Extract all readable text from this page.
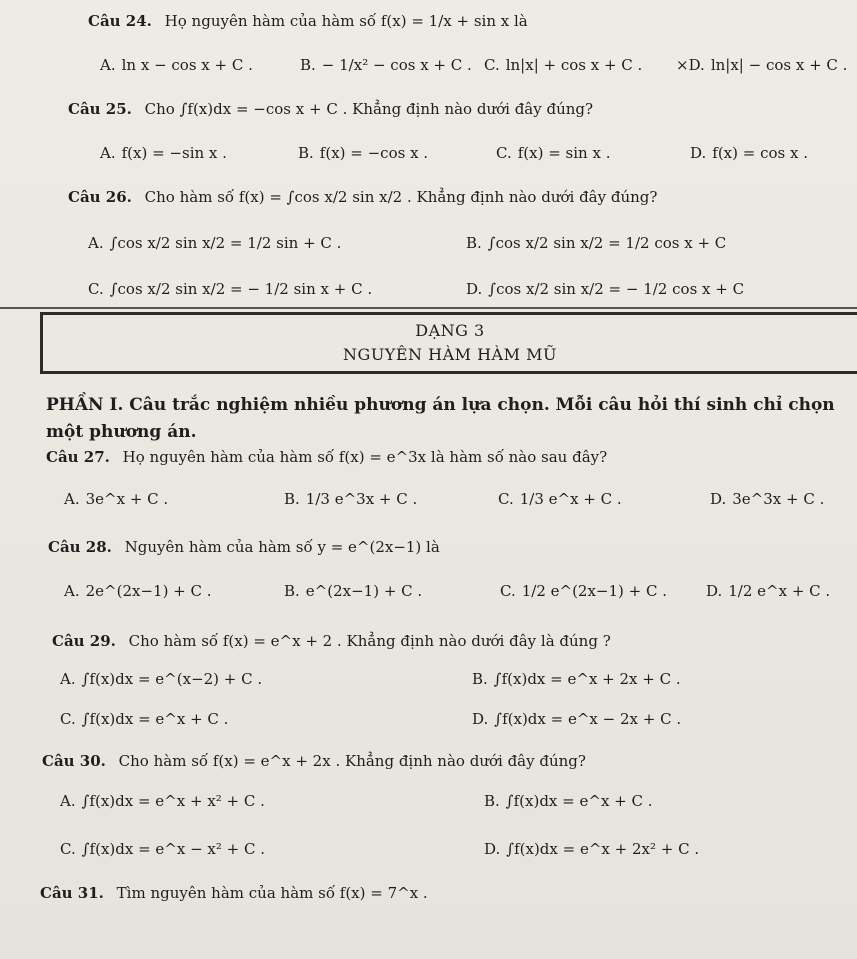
Câu 24. Họ nguyên hàm của hàm số f(x) = 1/x + sin x là
A. ln x − cos x + C .	B. − 1/x² − cos x + C . C. ln|x| + cos x + C . ×D. ln|x| − cos x + C .
Câu 25. Cho ∫f(x)dx = −cos x + C . Khẳng định nào dưới đây đúng?
A. f(x) = −sin x .	B. f(x) = −cos x .	C. f(x) = sin x .	D. f(x) = cos x .
Câu 26. Cho hàm số f(x) = ∫cos x/2 sin x/2 . Khẳng định nào dưới đây đúng?
A. ∫cos x/2 sin x/2 = 1/2 sin + C .	B. ∫cos x/2 sin x/2 = 1/2 cos x + C
C. ∫cos x/2 sin x/2 = − 1/2 sin x + C .	D. ∫cos x/2 sin x/2 = − 1/2 cos x + C
DẠNG 3
NGUYÊN HÀM HÀM MŨ
PHẦN I. Câu trắc nghiệm nhiều phương án lựa chọn. Mỗi câu hỏi thí sinh chỉ chọn một phương án.
Câu 27. Họ nguyên hàm của hàm số f(x) = e^3x là hàm số nào sau đây?
A. 3e^x + C .	B. 1/3 e^3x + C .	C. 1/3 e^x + C .	D. 3e^3x + C .
Câu 28. Nguyên hàm của hàm số y = e^(2x−1) là
A. 2e^(2x−1) + C .	B. e^(2x−1) + C .	C. 1/2 e^(2x−1) + C .	D. 1/2 e^x + C .
Câu 29. Cho hàm số f(x) = e^x + 2 . Khẳng định nào dưới đây là đúng ?
A. ∫f(x)dx = e^(x−2) + C .	B. ∫f(x)dx = e^x + 2x + C .
C. ∫f(x)dx = e^x + C .	D. ∫f(x)dx = e^x − 2x + C .
Câu 30. Cho hàm số f(x) = e^x + 2x . Khẳng định nào dưới đây đúng?
A. ∫f(x)dx = e^x + x² + C .	B. ∫f(x)dx = e^x + C .
C. ∫f(x)dx = e^x − x² + C .	D. ∫f(x)dx = e^x + 2x² + C .
Câu 31. Tìm nguyên hàm của hàm số f(x) = 7^x .
